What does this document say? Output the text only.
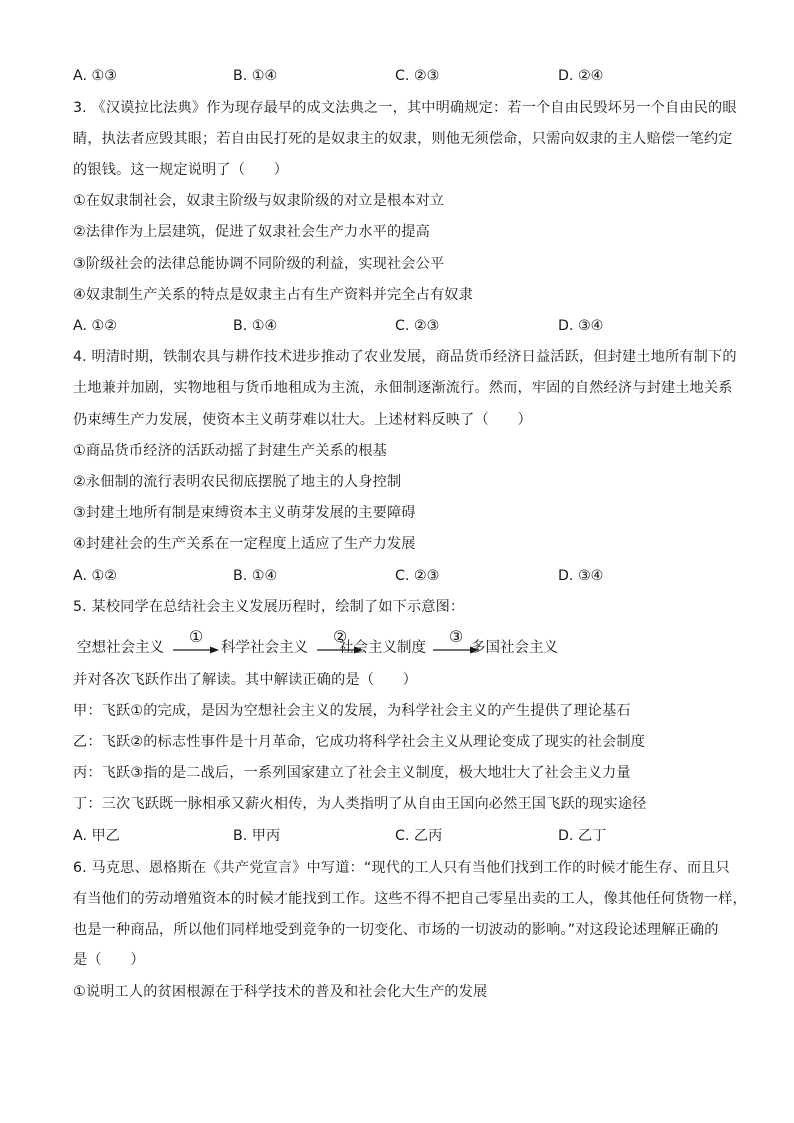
A. ①③	B. ①④	C. ②③	D. ②④
3. 《汉谟拉比法典》作为现存最早的成文法典之一，其中明确规定：若一个自由民毁坏另一个自由民的眼
睛，执法者应毁其眼；若自由民打死的是奴隶主的奴隶，则他无须偿命，只需向奴隶的主人赔偿一笔约定
的银钱。这一规定说明了（　　）
①在奴隶制社会，奴隶主阶级与奴隶阶级的对立是根本对立
②法律作为上层建筑，促进了奴隶社会生产力水平的提高
③阶级社会的法律总能协调不同阶级的利益，实现社会公平
④奴隶制生产关系的特点是奴隶主占有生产资料并完全占有奴隶
A. ①②	B. ①④	C. ②③	D. ③④
4. 明清时期，铁制农具与耕作技术进步推动了农业发展，商品货币经济日益活跃，但封建土地所有制下的
土地兼并加剧，实物地租与货币地租成为主流，永佃制逐渐流行。然而，牢固的自然经济与封建土地关系
仍束缚生产力发展，使资本主义萌芽难以壮大。上述材料反映了（　　）
①商品货币经济的活跃动摇了封建生产关系的根基
②永佃制的流行表明农民彻底摆脱了地主的人身控制
③封建土地所有制是束缚资本主义萌芽发展的主要障碍
④封建社会的生产关系在一定程度上适应了生产力发展
A. ①②	B. ①④	C. ②③	D. ③④
5. 某校同学在总结社会主义发展历程时，绘制了如下示意图：
空想社会主义
①
科学社会主义
②
社会主义制度
③
多国社会主义
并对各次飞跃作出了解读。其中解读正确的是（　　）
甲：飞跃①的完成，是因为空想社会主义的发展，为科学社会主义的产生提供了理论基石
乙：飞跃②的标志性事件是十月革命，它成功将科学社会主义从理论变成了现实的社会制度
丙：飞跃③指的是二战后，一系列国家建立了社会主义制度，极大地壮大了社会主义力量
丁：三次飞跃既一脉相承又薪火相传，为人类指明了从自由王国向必然王国飞跃的现实途径
A. 甲乙	B. 甲丙	C. 乙丙	D. 乙丁
6. 马克思、恩格斯在《共产党宣言》中写道：“现代的工人只有当他们找到工作的时候才能生存、而且只
有当他们的劳动增殖资本的时候才能找到工作。这些不得不把自己零星出卖的工人，像其他任何货物一样，
也是一种商品，所以他们同样地受到竞争的一切变化、市场的一切波动的影响。”对这段论述理解正确的
是（　　）
①说明工人的贫困根源在于科学技术的普及和社会化大生产的发展
